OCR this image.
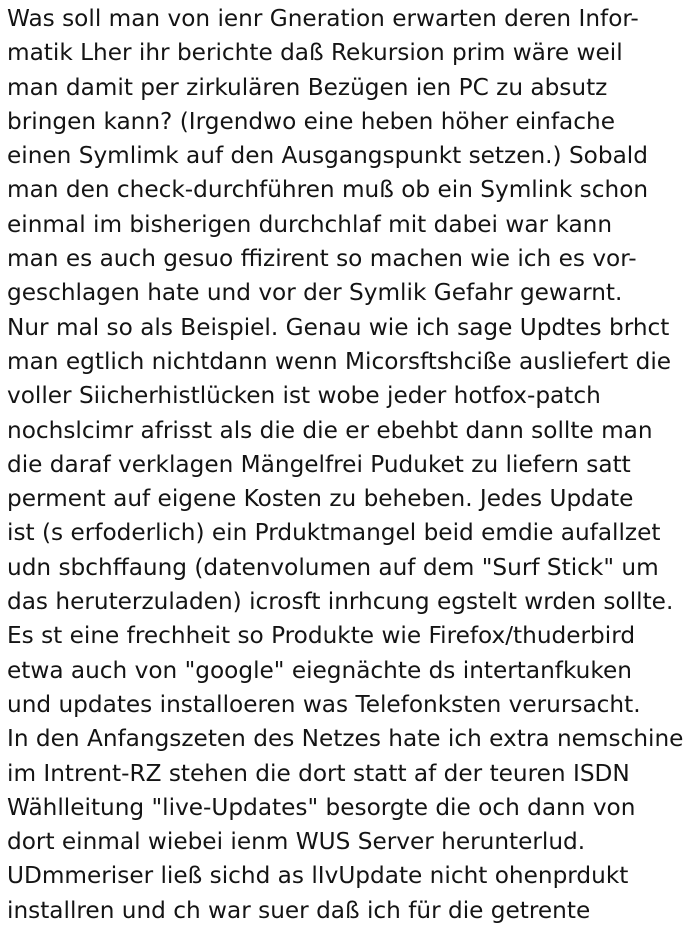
Was soll man von ienr Gneration erwarten deren Infor-
matik Lher ihr berichte daß Rekursion prim wäre weil
man damit per zirkulären Bezügen ien PC zu absutz
bringen kann? (Irgendwo eine heben höher einfache
einen Symlimk auf den Ausgangspunkt setzen.) Sobald
man den check-durchführen muß ob ein Symlink schon
einmal im bisherigen durchchlaf mit dabei war kann
man es auch gesuo ffizirent so machen wie ich es vor-
geschlagen hate und vor der Symlik Gefahr gewarnt.
Nur mal so als Beispiel. Genau wie ich sage Updtes brhct
man egtlich nichtdann wenn Micorsftshcißе ausliefert die
voller Siicherhistlücken ist wobe jeder hotfox-patch
nochslcimr afrisst als die die er ebehbt dann sollte man
die daraf verklagen Mängelfrei Puduket zu liefern satt
perment auf eigene Kosten zu beheben. Jedes Update
ist (s erfoderlich) ein Prduktmangel beid emdie aufallzet
udn sbchffaung (datenvolumen auf dem "Surf Stick" um
das heruterzuladen) icrosft inrhcung egstelt wrden sollte.
Es st eine frechheit so Produkte wie Firefox/thuderbird
etwa auch von "google" eiegnächte ds intertanfkuken
und updates installoeren was Telefonksten verursacht.
In den Anfangszeten des Netzes hate ich extra nemschine
im Intrent-RZ stehen die dort statt af der teuren ISDN
Wählleitung "live-Updates" besorgte die och dann von
dort einmal wiebei ienm WUS Server herunterlud.
UDmmeriser ließ sichd as lIvUpdate nicht ohenprdukt
installren und ch war suer daß ich für die getrente
